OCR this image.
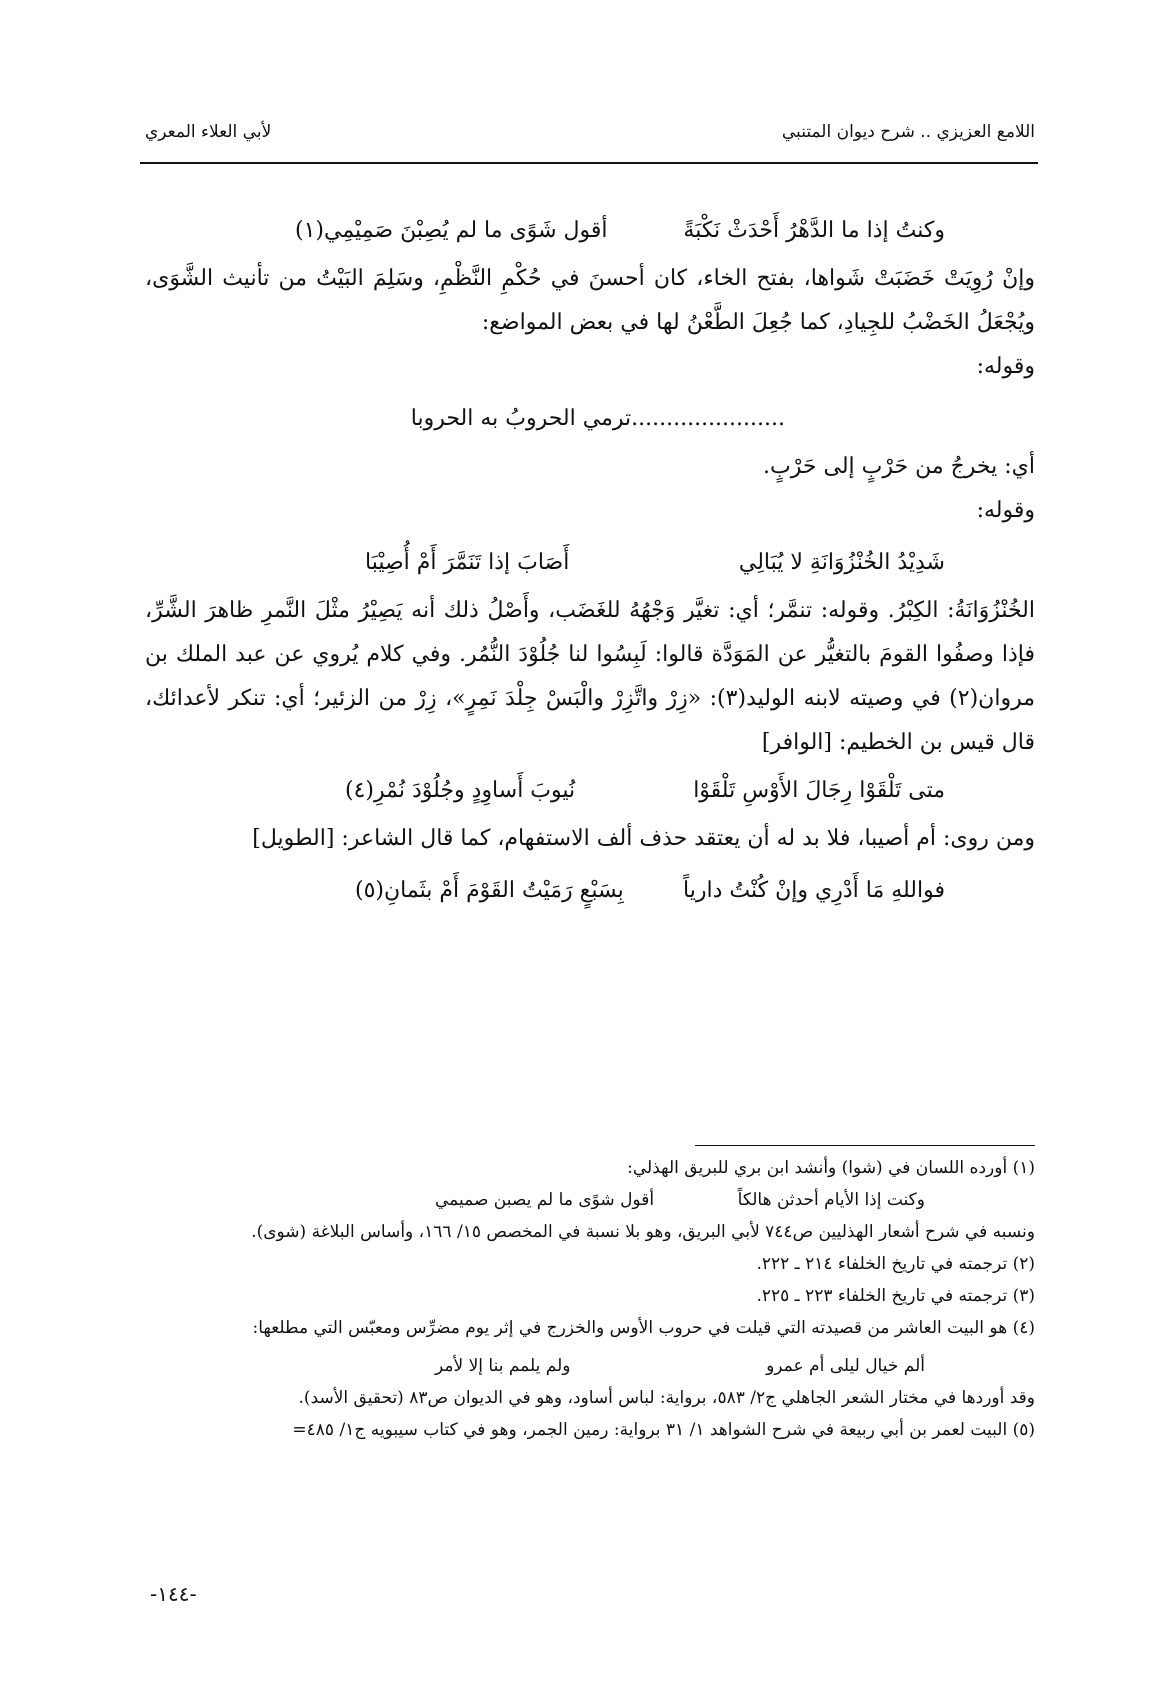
اللامع العزيزي .. شرح ديوان المتنبي
لأبي العلاء المعري
وكنتُ إذا ما الدَّهْرُ أَحْدَثْ نَكْبَةً
أقول شَوًى ما لم يُصِبْنَ صَمِيْمِي(١)

وإنْ رُوِيَتْ خَضَبَتْ شَواها، بفتح الخاء، كان أحسنَ في حُكْمِ النَّظْمِ، وسَلِمَ البَيْتُ من تأنيث الشَّوَى، ويُجْعَلُ الخَضْبُ للجِيادِ، كما جُعِلَ الطَّعْنُ لها في بعض المواضع:

وقوله:

......................
ترمي الحروبُ به الحروبا

أي: يخرجُ من حَرْبٍ إلى حَرْبٍ.

وقوله:

شَدِيْدُ الخُنْزُوَانَةِ لا يُبَالِي
أَصَابَ إذا تَنَمَّرَ أَمْ أُصِيْبَا

الخُنْزُوَانَةُ: الكِبْرُ. وقوله: تنمَّر؛ أي: تغيَّر وَجْهُهُ للغَضَب، وأَصْلُ ذلك أنه يَصِيْرُ مثْلَ النَّمرِ ظاهرَ الشَّرِّ، فإذا وصفُوا القومَ بالتغيُّر عن المَوَدَّة قالوا: لَبِسُوا لنا جُلُوْدَ النُّمُر. وفي كلام يُروي عن عبد الملك بن مروان(٢) في وصيته لابنه الوليد(٣): «زِرْ واتَّزِرْ والْبَسْ جِلْدَ نَمِرٍ»، زِرْ من الزئير؛ أي: تنكر لأعدائك، قال قيس بن الخطيم: [الوافر]

متى تَلْقَوْا رِجَالَ الأَوْسِ تَلْقَوْا
نُيوبَ أَساوِدٍ وجُلُوْدَ نُمْرِ(٤)

ومن روى: أم أصيبا، فلا بد له أن يعتقد حذف ألف الاستفهام، كما قال الشاعر: [الطويل]

فواللهِ مَا أَدْرِي وإنْ كُنْتُ دارياً
بِسَبْعٍ رَمَيْتُ القَوْمَ أَمْ بثَمانِ(٥)

(١) أورده اللسان في (شوا) وأنشد ابن بري للبريق الهذلي:

وكنت إذا الأيام أحدثن هالكاً
أقول شوًى ما لم يصبن صميمي

ونسبه في شرح أشعار الهذليين ص٧٤٤ لأبي البريق، وهو بلا نسبة في المخصص ١٥/ ١٦٦، وأساس البلاغة (شوى).

(٢) ترجمته في تاريخ الخلفاء ٢١٤ ـ ٢٢٢.

(٣) ترجمته في تاريخ الخلفاء ٢٢٣ ـ ٢٢٥.

(٤) هو البيت العاشر من قصيدته التي قيلت في حروب الأوس والخزرج في إثر يوم مضرِّس ومعبّس التي مطلعها:

ألم خيال ليلى أم عمرو
ولم يلمم بنا إلا لأمر

وقد أوردها في مختار الشعر الجاهلي ج٢/ ٥٨٣، برواية: لباس أساود، وهو في الديوان ص٨٣ (تحقيق الأسد).

(٥) البيت لعمر بن أبي ربيعة في شرح الشواهد ١/ ٣١ برواية: رمين الجمر، وهو في كتاب سيبويه ج١/ ٤٨٥=

-١٤٤-
